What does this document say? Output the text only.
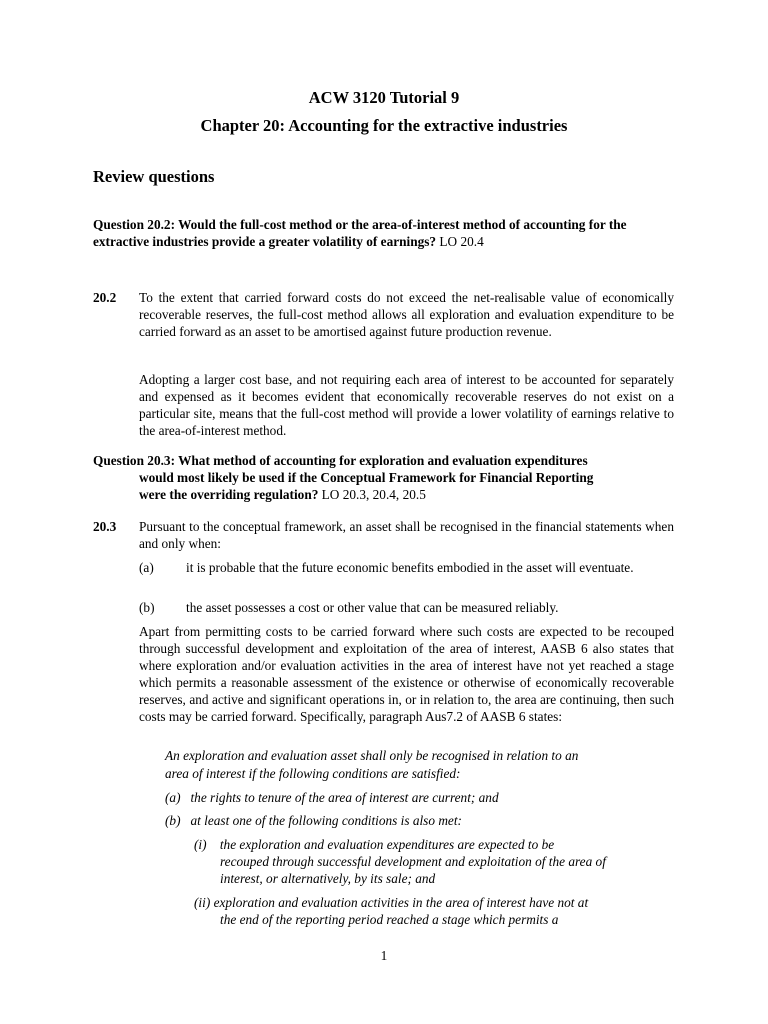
ACW 3120 Tutorial 9
Chapter 20: Accounting for the extractive industries
Review questions
Question 20.2: Would the full-cost method or the area-of-interest method of accounting for the extractive industries provide a greater volatility of earnings? LO 20.4
20.2 To the extent that carried forward costs do not exceed the net-realisable value of economically recoverable reserves, the full-cost method allows all exploration and evaluation expenditure to be carried forward as an asset to be amortised against future production revenue.
Adopting a larger cost base, and not requiring each area of interest to be accounted for separately and expensed as it becomes evident that economically recoverable reserves do not exist on a particular site, means that the full-cost method will provide a lower volatility of earnings relative to the area-of-interest method.
Question 20.3: What method of accounting for exploration and evaluation expenditures
would most likely be used if the Conceptual Framework for Financial Reporting
were the overriding regulation? LO 20.3, 20.4, 20.5
20.3 Pursuant to the conceptual framework, an asset shall be recognised in the financial statements when and only when:
(a) it is probable that the future economic benefits embodied in the asset will eventuate.
(b) the asset possesses a cost or other value that can be measured reliably.
Apart from permitting costs to be carried forward where such costs are expected to be recouped through successful development and exploitation of the area of interest, AASB 6 also states that where exploration and/or evaluation activities in the area of interest have not yet reached a stage which permits a reasonable assessment of the existence or otherwise of economically recoverable reserves, and active and significant operations in, or in relation to, the area are continuing, then such costs may be carried forward. Specifically, paragraph Aus7.2 of AASB 6 states:
An exploration and evaluation asset shall only be recognised in relation to an
area of interest if the following conditions are satisfied:
(a)   the rights to tenure of the area of interest are current; and
(b)   at least one of the following conditions is also met:
(i)    the exploration and evaluation expenditures are expected to be
recouped through successful development and exploitation of the area of
interest, or alternatively, by its sale; and
(ii) exploration and evaluation activities in the area of interest have not at
the end of the reporting period reached a stage which permits a
1
